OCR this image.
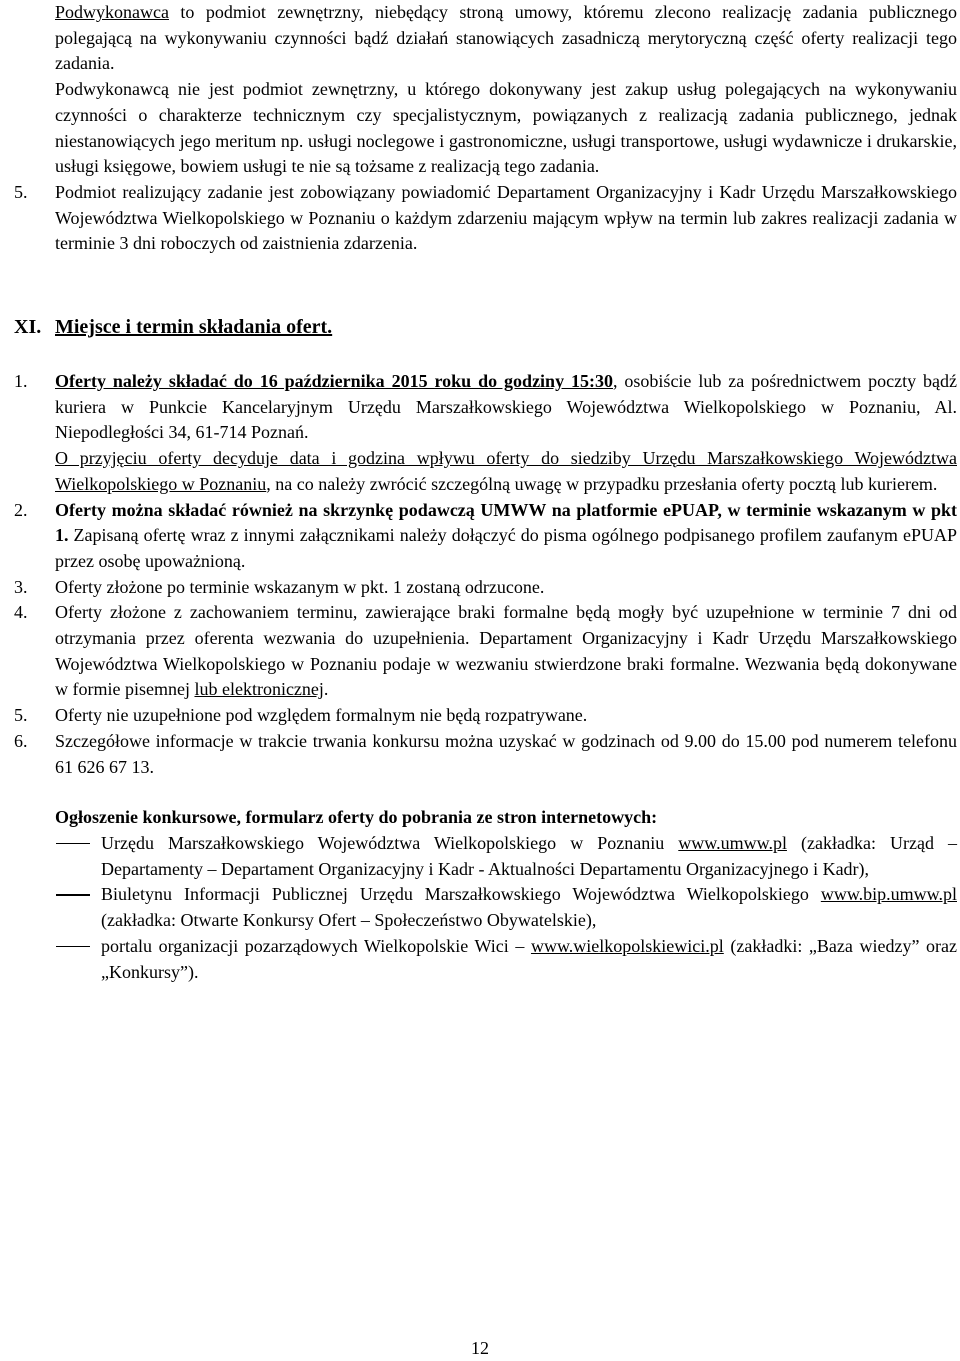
Podwykonawca to podmiot zewnętrzny, niebędący stroną umowy, któremu zlecono realizację zadania publicznego polegającą na wykonywaniu czynności bądź działań stanowiących zasadniczą merytoryczną część oferty realizacji tego zadania.

Podwykonawcą nie jest podmiot zewnętrzny, u którego dokonywany jest zakup usług polegających na wykonywaniu czynności o charakterze technicznym czy specjalistycznym, powiązanych z realizacją zadania publicznego, jednak niestanowiących jego meritum np. usługi noclegowe i gastronomiczne, usługi transportowe, usługi wydawnicze i drukarskie, usługi księgowe, bowiem usługi te nie są tożsame z realizacją tego zadania.

5. Podmiot realizujący zadanie jest zobowiązany powiadomić Departament Organizacyjny i Kadr Urzędu Marszałkowskiego Województwa Wielkopolskiego w Poznaniu o każdym zdarzeniu mającym wpływ na termin lub zakres realizacji zadania w terminie 3 dni roboczych od zaistnienia zdarzenia.

XI. Miejsce i termin składania ofert.
1. Oferty należy składać do 16 października 2015 roku do godziny 15:30, osobiście lub za pośrednictwem poczty bądź kuriera w Punkcie Kancelaryjnym Urzędu Marszałkowskiego Województwa Wielkopolskiego w Poznaniu, Al. Niepodległości 34, 61-714 Poznań.

O przyjęciu oferty decyduje data i godzina wpływu oferty do siedziby Urzędu Marszałkowskiego Województwa Wielkopolskiego w Poznaniu, na co należy zwrócić szczególną uwagę w przypadku przesłania oferty pocztą lub kurierem.

2. Oferty można składać również na skrzynkę podawczą UMWW na platformie ePUAP, w terminie wskazanym w pkt 1. Zapisaną ofertę wraz z innymi załącznikami należy dołączyć do pisma ogólnego podpisanego profilem zaufanym ePUAP przez osobę upoważnioną.

3. Oferty złożone po terminie wskazanym w pkt. 1 zostaną odrzucone.

4. Oferty złożone z zachowaniem terminu, zawierające braki formalne będą mogły być uzupełnione w terminie 7 dni od otrzymania przez oferenta wezwania do uzupełnienia. Departament Organizacyjny i Kadr Urzędu Marszałkowskiego Województwa Wielkopolskiego w Poznaniu podaje w wezwaniu stwierdzone braki formalne. Wezwania będą dokonywane w formie pisemnej lub elektronicznej.

5. Oferty nie uzupełnione pod względem formalnym nie będą rozpatrywane.

6. Szczegółowe informacje w trakcie trwania konkursu można uzyskać w godzinach od 9.00 do 15.00 pod numerem telefonu 61 626 67 13.

Ogłoszenie konkursowe, formularz oferty do pobrania ze stron internetowych:

Urzędu Marszałkowskiego Województwa Wielkopolskiego w Poznaniu www.umww.pl (zakładka: Urząd – Departamenty – Departament Organizacyjny i Kadr - Aktualności Departamentu Organizacyjnego i Kadr),

Biuletynu Informacji Publicznej Urzędu Marszałkowskiego Województwa Wielkopolskiego www.bip.umww.pl (zakładka: Otwarte Konkursy Ofert – Społeczeństwo Obywatelskie),

portalu organizacji pozarządowych Wielkopolskie Wici – www.wielkopolskiewici.pl (zakładki: „Baza wiedzy” oraz „Konkursy”).

12
